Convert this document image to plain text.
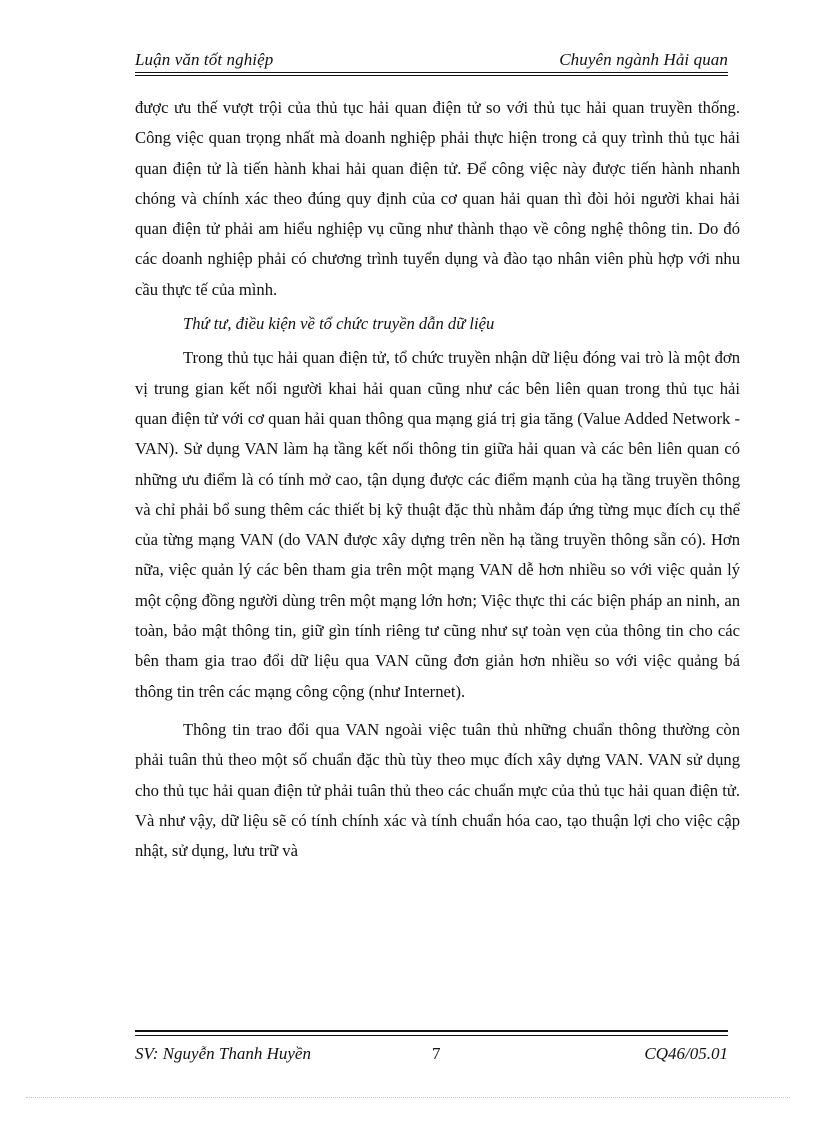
Luận văn tốt nghiệp	Chuyên ngành Hải quan

được ưu thế vượt trội của thủ tục hải quan điện tử so với thủ tục hải quan truyền thống. Công việc quan trọng nhất mà doanh nghiệp phải thực hiện trong cả quy trình thủ tục hải quan điện tử là tiến hành khai hải quan điện tử. Để công việc này được tiến hành nhanh chóng và chính xác theo đúng quy định của cơ quan hải quan thì đòi hỏi người khai hải quan điện tử phải am hiểu nghiệp vụ cũng như thành thạo về công nghệ thông tin. Do đó các doanh nghiệp phải có chương trình tuyển dụng và đào tạo nhân viên phù hợp với nhu cầu thực tế của mình.

Thứ tư, điều kiện về tổ chức truyền dẫn dữ liệu

Trong thủ tục hải quan điện tử, tổ chức truyền nhận dữ liệu đóng vai trò là một đơn vị trung gian kết nối người khai hải quan cũng như các bên liên quan trong thủ tục hải quan điện tử với cơ quan hải quan thông qua mạng giá trị gia tăng (Value Added Network - VAN). Sử dụng VAN làm hạ tầng kết nối thông tin giữa hải quan và các bên liên quan có những ưu điểm là có tính mở cao, tận dụng được các điểm mạnh của hạ tầng truyền thông và chỉ phải bổ sung thêm các thiết bị kỹ thuật đặc thù nhằm đáp ứng từng mục đích cụ thể của từng mạng VAN (do VAN được xây dựng trên nền hạ tầng truyền thông sẵn có). Hơn nữa, việc quản lý các bên tham gia trên một mạng VAN dễ hơn nhiều so với việc quản lý một cộng đồng người dùng trên một mạng lớn hơn; Việc thực thi các biện pháp an ninh, an toàn, bảo mật thông tin, giữ gìn tính riêng tư cũng như sự toàn vẹn của thông tin cho các bên tham gia trao đổi dữ liệu qua VAN cũng đơn giản hơn nhiều so với việc quảng bá thông tin trên các mạng công cộng (như Internet).

Thông tin trao đổi qua VAN ngoài việc tuân thủ những chuẩn thông thường còn phải tuân thủ theo một số chuẩn đặc thù tùy theo mục đích xây dựng VAN. VAN sử dụng cho thủ tục hải quan điện tử phải tuân thủ theo các chuẩn mực của thủ tục hải quan điện tử. Và như vậy, dữ liệu sẽ có tính chính xác và tính chuẩn hóa cao, tạo thuận lợi cho việc cập nhật, sử dụng, lưu trữ và

SV: Nguyễn Thanh Huyền	7	CQ46/05.01
